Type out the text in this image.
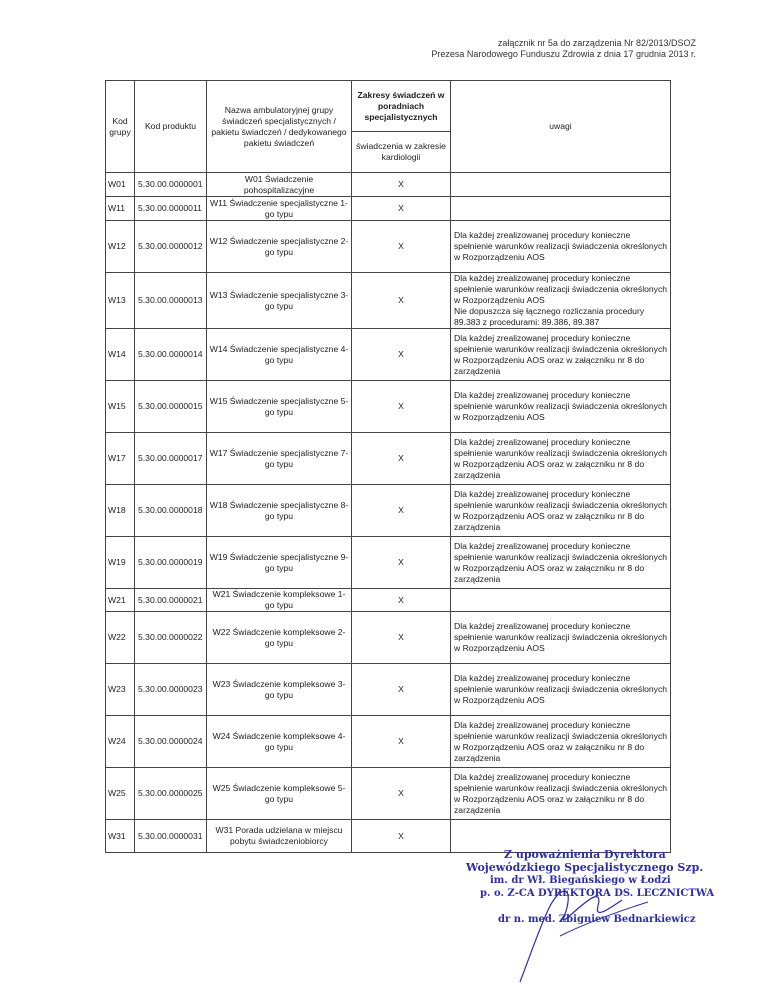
załącznik nr 5a do zarządzenia Nr 82/2013/DSOZ
Prezesa Narodowego Funduszu Zdrowia z dnia 17 grudnia 2013 r.
Kod grupy	Kod produktu	Nazwa ambulatoryjnej grupy świadczeń specjalistycznych / pakietu świadczeń / dedykowanego pakietu świadczeń	Zakresy świadczeń w poradniach specjalistycznych	uwagi
			świadczenia w zakresie kardiologii	
W01	5.30.00.0000001	W01 Świadczenie pohospitalizacyjne	X	
W11	5.30.00.0000011	W11 Świadczenie specjalistyczne 1-go typu	X	
W12	5.30.00.0000012	W12 Świadczenie specjalistyczne 2-go typu	X	Dla każdej zrealizowanej procedury konieczne spełnienie warunków realizacji świadczenia określonych w Rozporządzeniu AOS
W13	5.30.00.0000013	W13 Świadczenie specjalistyczne 3-go typu	X	Dla każdej zrealizowanej procedury konieczne spełnienie warunków realizacji świadczenia określonych w Rozporządzeniu AOS
Nie dopuszcza się łącznego rozliczania procedury 89.383 z procedurami: 89.386, 89.387
W14	5.30.00.0000014	W14 Świadczenie specjalistyczne 4-go typu	X	Dla każdej zrealizowanej procedury konieczne spełnienie warunków realizacji świadczenia określonych w Rozporządzeniu AOS oraz w załączniku nr 8 do zarządzenia
W15	5.30.00.0000015	W15 Świadczenie specjalistyczne 5-go typu	X	Dla każdej zrealizowanej procedury konieczne spełnienie warunków realizacji świadczenia określonych w Rozporządzeniu AOS
W17	5.30.00.0000017	W17 Świadczenie specjalistyczne 7-go typu	X	Dla każdej zrealizowanej procedury konieczne spełnienie warunków realizacji świadczenia określonych w Rozporządzeniu AOS oraz w załączniku nr 8 do zarządzenia
W18	5.30.00.0000018	W18 Świadczenie specjalistyczne 8-go typu	X	Dla każdej zrealizowanej procedury konieczne spełnienie warunków realizacji świadczenia określonych w Rozporządzeniu AOS oraz w załączniku nr 8 do zarządzenia
W19	5.30.00.0000019	W19 Świadczenie specjalistyczne 9-go typu	X	Dla każdej zrealizowanej procedury konieczne spełnienie warunków realizacji świadczenia określonych w Rozporządzeniu AOS oraz w załączniku nr 8 do zarządzenia
W21	5.30.00.0000021	W21 Świadczenie kompleksowe 1-go typu	X	
W22	5.30.00.0000022	W22 Świadczenie kompleksowe 2-go typu	X	Dla każdej zrealizowanej procedury konieczne spełnienie warunków realizacji świadczenia określonych w Rozporządzeniu AOS
W23	5.30.00.0000023	W23 Świadczenie kompleksowe 3-go typu	X	Dla każdej zrealizowanej procedury konieczne spełnienie warunków realizacji świadczenia określonych w Rozporządzeniu AOS
W24	5.30.00.0000024	W24 Świadczenie kompleksowe 4-go typu	X	Dla każdej zrealizowanej procedury konieczne spełnienie warunków realizacji świadczenia określonych w Rozporządzeniu AOS oraz w załączniku nr 8 do zarządzenia
W25	5.30.00.0000025	W25 Świadczenie kompleksowe 5-go typu	X	Dla każdej zrealizowanej procedury konieczne spełnienie warunków realizacji świadczenia określonych w Rozporządzeniu AOS oraz w załączniku nr 8 do zarządzenia
W31	5.30.00.0000031	W31 Porada udzielana w miejscu pobytu świadczeniobiorcy	X	
Z upoważnienia Dyrektora
Wojewódzkiego Specjalistycznego Szp.
im. dr Wł. Biegańskiego w Łodzi
p. o. Z-CA DYREKTORA DS. LECZNICTWA
dr n. med. Zbigniew Bednarkiewicz
